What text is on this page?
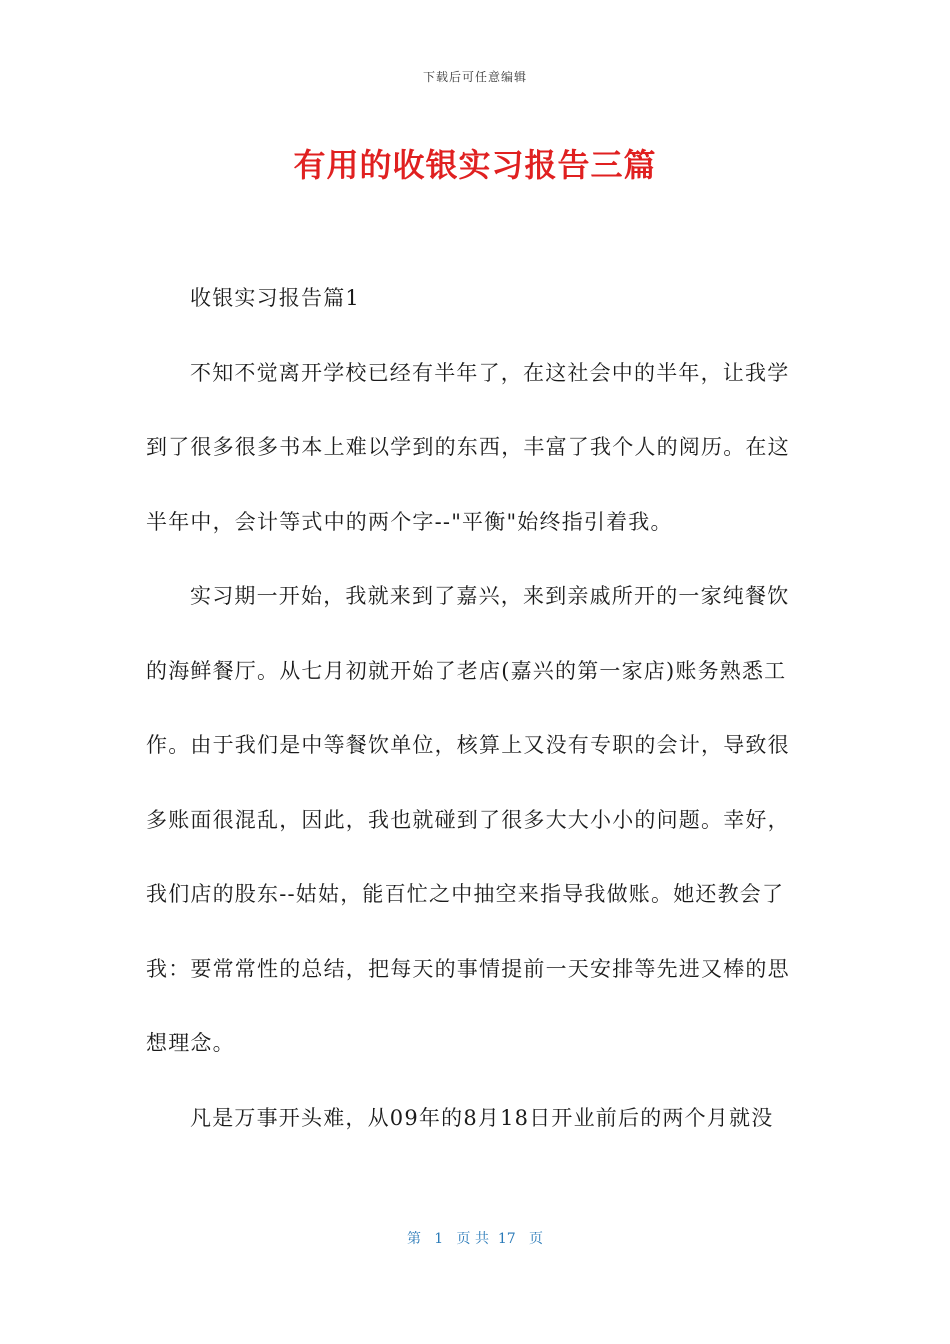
下载后可任意编辑
有用的收银实习报告三篇
收银实习报告篇1
不知不觉离开学校已经有半年了，在这社会中的半年，让我学
到了很多很多书本上难以学到的东西，丰富了我个人的阅历。在这
半年中，会计等式中的两个字--"平衡"始终指引着我。
实习期一开始，我就来到了嘉兴，来到亲戚所开的一家纯餐饮
的海鲜餐厅。从七月初就开始了老店(嘉兴的第一家店)账务熟悉工
作。由于我们是中等餐饮单位，核算上又没有专职的会计，导致很
多账面很混乱，因此，我也就碰到了很多大大小小的问题。幸好，
我们店的股东--姑姑，能百忙之中抽空来指导我做账。她还教会了
我：要常常性的总结，把每天的事情提前一天安排等先进又棒的思
想理念。
凡是万事开头难，从09年的8月18日开业前后的两个月就没
第   1   页 共  17   页
